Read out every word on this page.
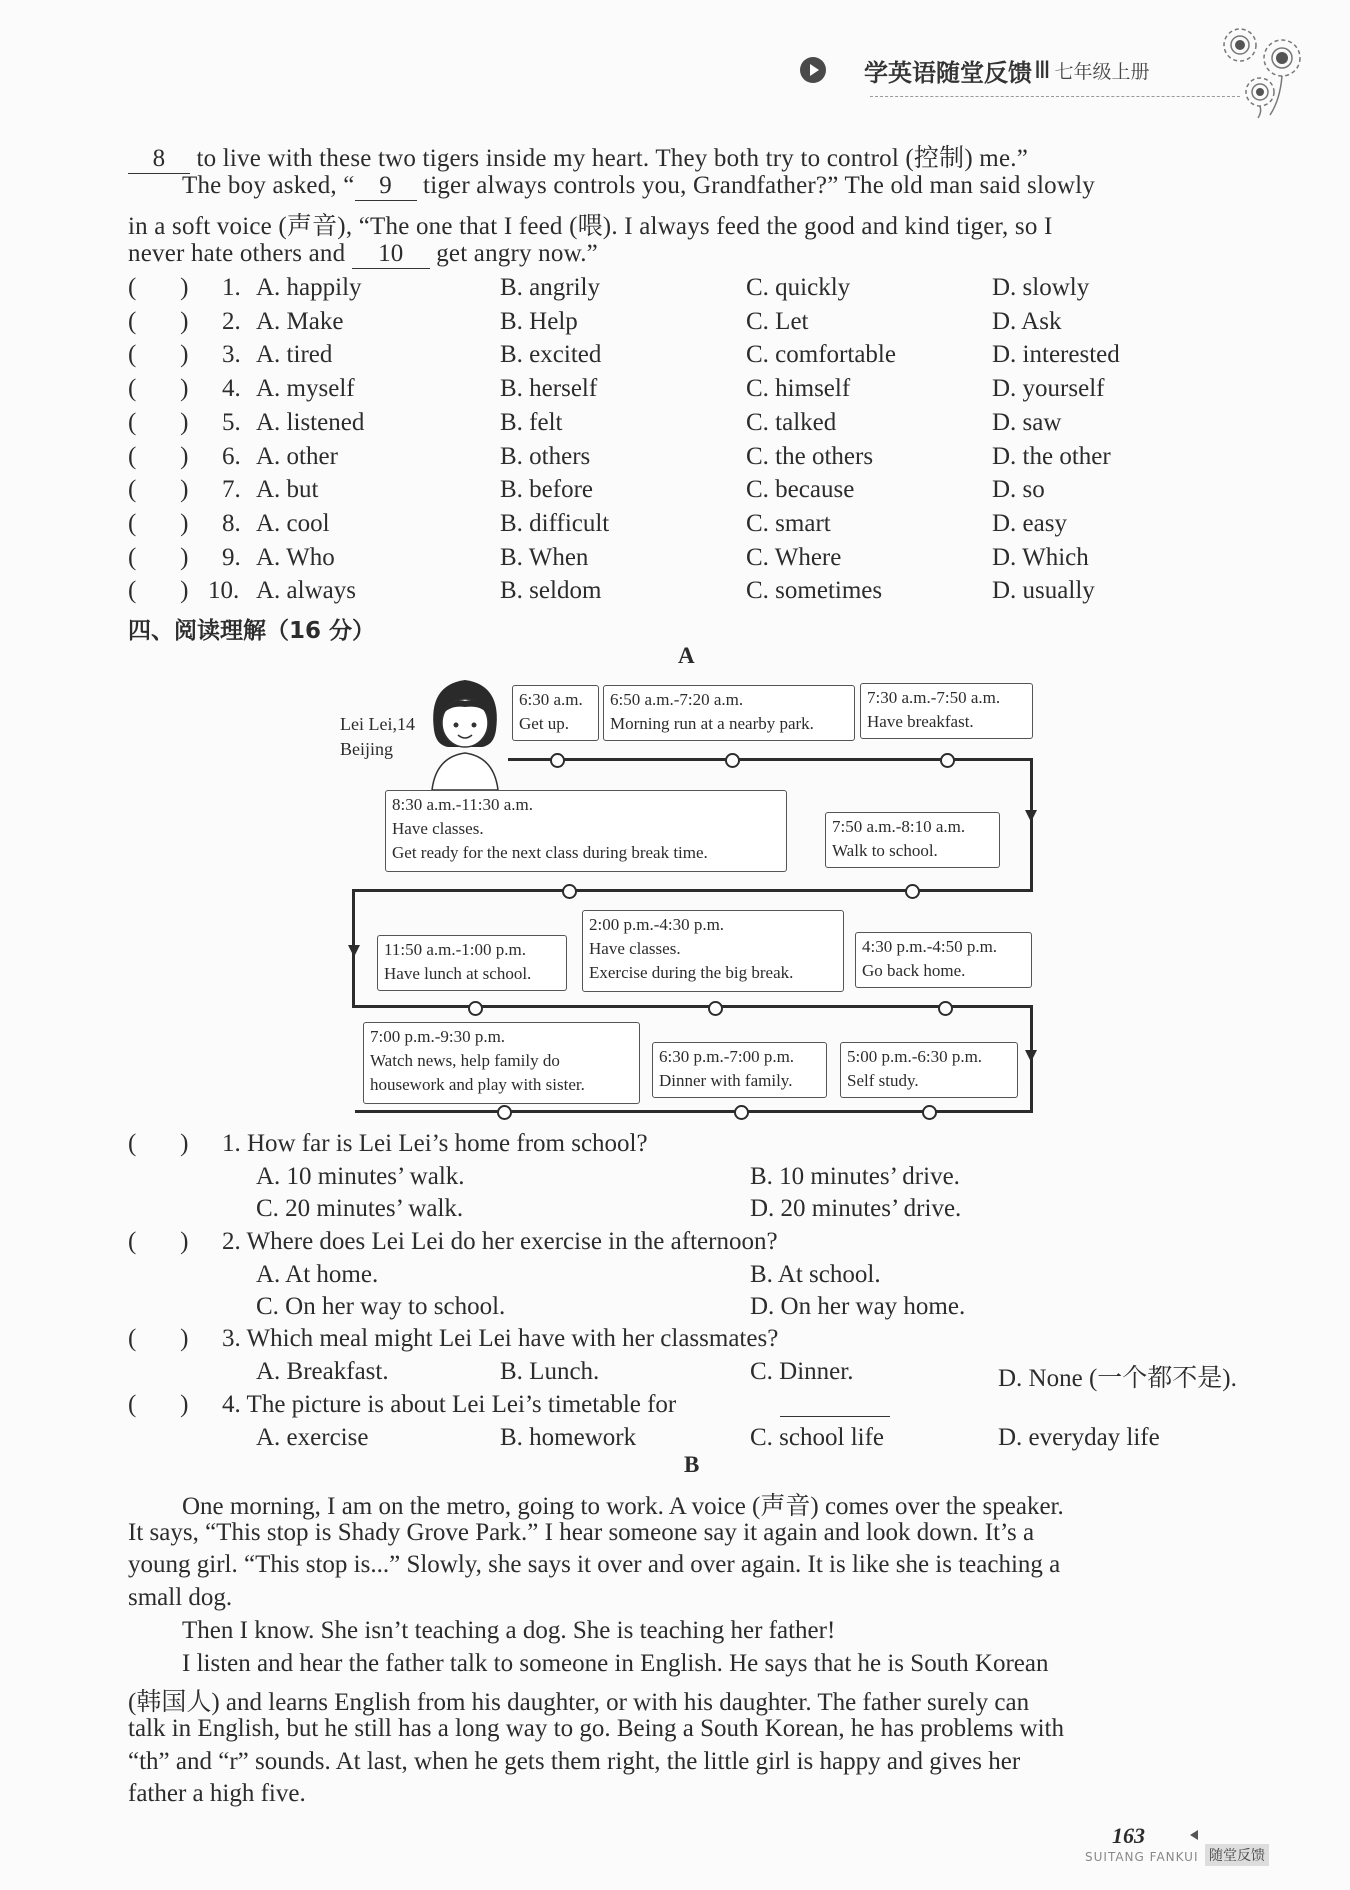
学英语随堂反馈 Ⅲ 七年级上册
8 to live with these two tigers inside my heart. They both try to control (控制) me.”
The boy asked, “ 9 tiger always controls you, Grandfather?” The old man said slowly
in a soft voice (声音), “The one that I feed (喂). I always feed the good and kind tiger, so I
never hate others and 10 get angry now.”
(       ) 1. A. happily	B. angrily	C. quickly	D. slowly
(       ) 2. A. Make	B. Help	C. Let	D. Ask
(       ) 3. A. tired	B. excited	C. comfortable	D. interested
(       ) 4. A. myself	B. herself	C. himself	D. yourself
(       ) 5. A. listened	B. felt	C. talked	D. saw
(       ) 6. A. other	B. others	C. the others	D. the other
(       ) 7. A. but	B. before	C. because	D. so
(       ) 8. A. cool	B. difficult	C. smart	D. easy
(       ) 9. A. Who	B. When	C. Where	D. Which
(       ) 10. A. always	B. seldom	C. sometimes	D. usually
四、阅读理解（16 分）
A
Lei Lei,14
Beijing
6:30 a.m.
Get up.
6:50 a.m.-7:20 a.m.
Morning run at a nearby park.
7:30 a.m.-7:50 a.m.
Have breakfast.
8:30 a.m.-11:30 a.m.
Have classes.
Get ready for the next class during break time.
7:50 a.m.-8:10 a.m.
Walk to school.
11:50 a.m.-1:00 p.m.
Have lunch at school.
2:00 p.m.-4:30 p.m.
Have classes.
Exercise during the big break.
4:30 p.m.-4:50 p.m.
Go back home.
7:00 p.m.-9:30 p.m.
Watch news, help family do
housework and play with sister.
6:30 p.m.-7:00 p.m.
Dinner with family.
5:00 p.m.-6:30 p.m.
Self study.
(       ) 1. How far is Lei Lei’s home from school?
A. 10 minutes’ walk.	B. 10 minutes’ drive.
C. 20 minutes’ walk.	D. 20 minutes’ drive.
(       ) 2. Where does Lei Lei do her exercise in the afternoon?
A. At home.	B. At school.
C. On her way to school.	D. On her way home.
(       ) 3. Which meal might Lei Lei have with her classmates?
A. Breakfast.	B. Lunch.	C. Dinner.	D. None (一个都不是).
(       ) 4. The picture is about Lei Lei’s timetable for
A. exercise	B. homework	C. school life	D. everyday life
B
One morning, I am on the metro, going to work. A voice (声音) comes over the speaker.
It says, “This stop is Shady Grove Park.” I hear someone say it again and look down. It’s a
young girl. “This stop is...” Slowly, she says it over and over again. It is like she is teaching a
small dog.
Then I know. She isn’t teaching a dog. She is teaching her father!
I listen and hear the father talk to someone in English. He says that he is South Korean
(韩国人) and learns English from his daughter, or with his daughter. The father surely can
talk in English, but he still has a long way to go. Being a South Korean, he has problems with
“th” and “r” sounds. At last, when he gets them right, the little girl is happy and gives her
father a high five.
163
SUITANG FANKUI 随堂反馈
